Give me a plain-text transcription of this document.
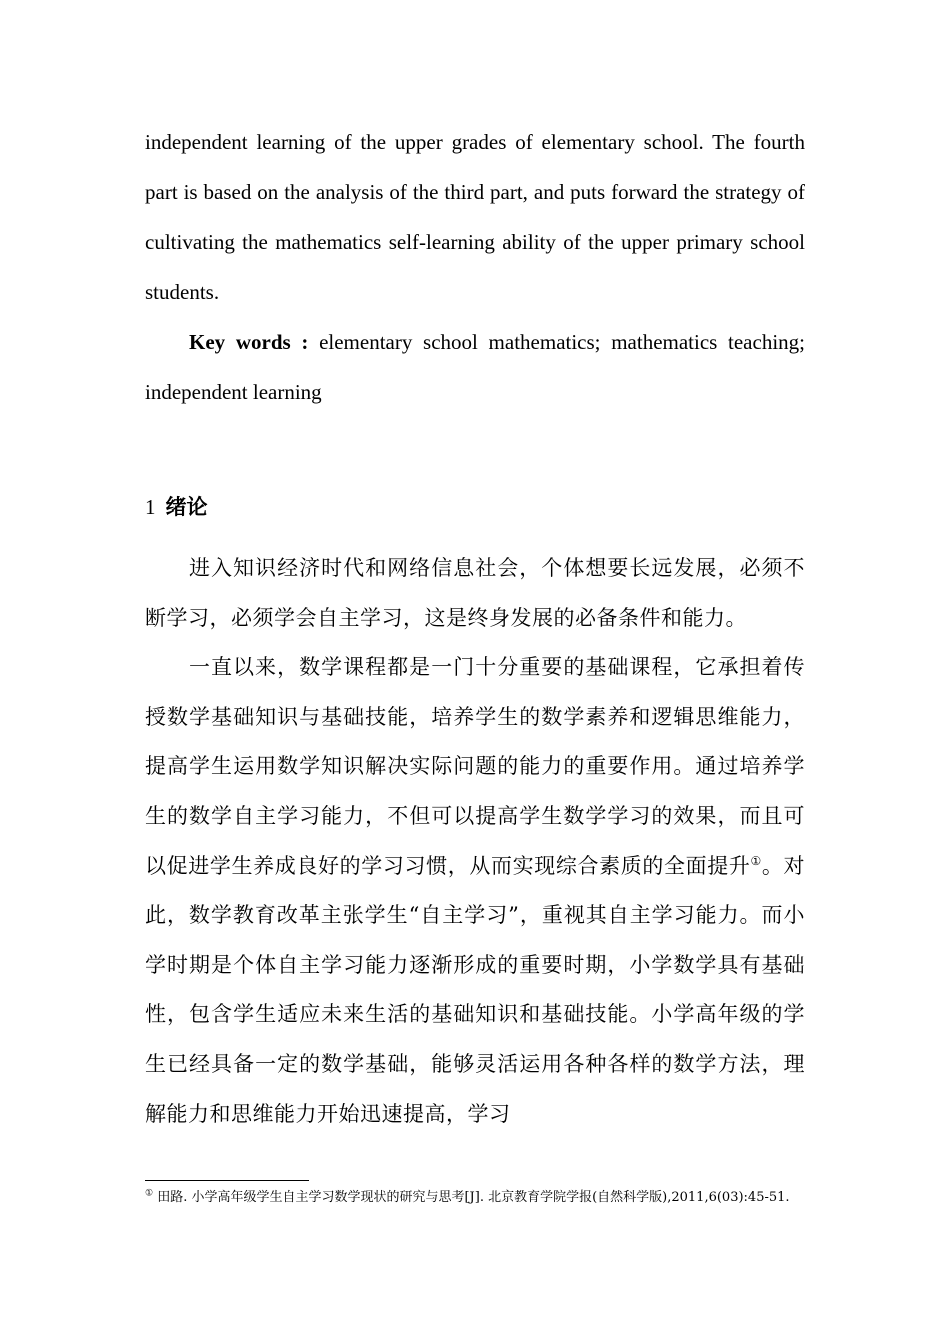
independent learning of the upper grades of elementary school. The fourth part is based on the analysis of the third part, and puts forward the strategy of cultivating the mathematics self-learning ability of the upper primary school students.

Key words : elementary school mathematics; mathematics teaching; independent learning

1 绪论

进入知识经济时代和网络信息社会，个体想要长远发展，必须不断学习，必须学会自主学习，这是终身发展的必备条件和能力。

一直以来，数学课程都是一门十分重要的基础课程，它承担着传授数学基础知识与基础技能，培养学生的数学素养和逻辑思维能力，提高学生运用数学知识解决实际问题的能力的重要作用。通过培养学生的数学自主学习能力，不但可以提高学生数学学习的效果，而且可以促进学生养成良好的学习习惯，从而实现综合素质的全面提升①。对此，数学教育改革主张学生“自主学习”，重视其自主学习能力。而小学时期是个体自主学习能力逐渐形成的重要时期，小学数学具有基础性，包含学生适应未来生活的基础知识和基础技能。小学高年级的学生已经具备一定的数学基础，能够灵活运用各种各样的数学方法，理解能力和思维能力开始迅速提高，学习

① 田路. 小学高年级学生自主学习数学现状的研究与思考[J]. 北京教育学院学报(自然科学版),2011,6(03):45-51.
